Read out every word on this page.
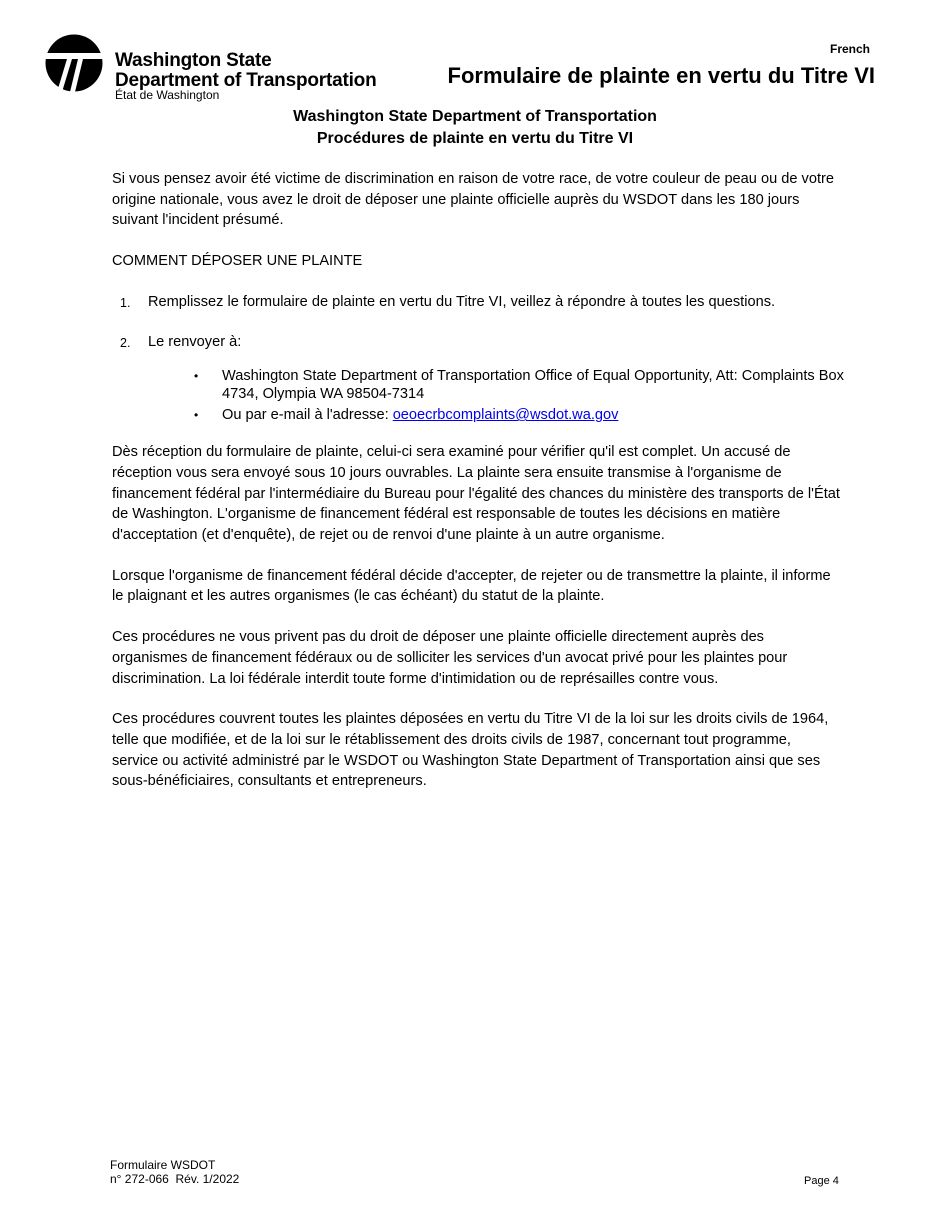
Washington State
Department of Transportation
État de Washington
French
Formulaire de plainte en vertu du Titre VI
Washington State Department of Transportation
Procédures de plainte en vertu du Titre VI

Si vous pensez avoir été victime de discrimination en raison de votre race, de votre couleur de peau ou de votre origine nationale, vous avez le droit de déposer une plainte officielle auprès du WSDOT dans les 180 jours suivant l'incident présumé.

COMMENT DÉPOSER UNE PLAINTE

1. Remplissez le formulaire de plainte en vertu du Titre VI, veillez à répondre à toutes les questions.
2. Le renvoyer à:
• Washington State Department of Transportation Office of Equal Opportunity, Att: Complaints Box 4734, Olympia WA 98504-7314
• Ou par e-mail à l'adresse: oeoecrbcomplaints@wsdot.wa.gov

Dès réception du formulaire de plainte, celui-ci sera examiné pour vérifier qu'il est complet. Un accusé de réception vous sera envoyé sous 10 jours ouvrables. La plainte sera ensuite transmise à l'organisme de financement fédéral par l'intermédiaire du Bureau pour l'égalité des chances du ministère des transports de l'État de Washington. L'organisme de financement fédéral est responsable de toutes les décisions en matière d'acceptation (et d'enquête), de rejet ou de renvoi d'une plainte à un autre organisme.

Lorsque l'organisme de financement fédéral décide d'accepter, de rejeter ou de transmettre la plainte, il informe le plaignant et les autres organismes (le cas échéant) du statut de la plainte.

Ces procédures ne vous privent pas du droit de déposer une plainte officielle directement auprès des organismes de financement fédéraux ou de solliciter les services d'un avocat privé pour les plaintes pour discrimination. La loi fédérale interdit toute forme d'intimidation ou de représailles contre vous.

Ces procédures couvrent toutes les plaintes déposées en vertu du Titre VI de la loi sur les droits civils de 1964, telle que modifiée, et de la loi sur le rétablissement des droits civils de 1987, concernant tout programme, service ou activité administré par le WSDOT ou Washington State Department of Transportation ainsi que ses sous-bénéficiaires, consultants et entrepreneurs.

Formulaire WSDOT
n° 272-066  Rév. 1/2022	Page 4
